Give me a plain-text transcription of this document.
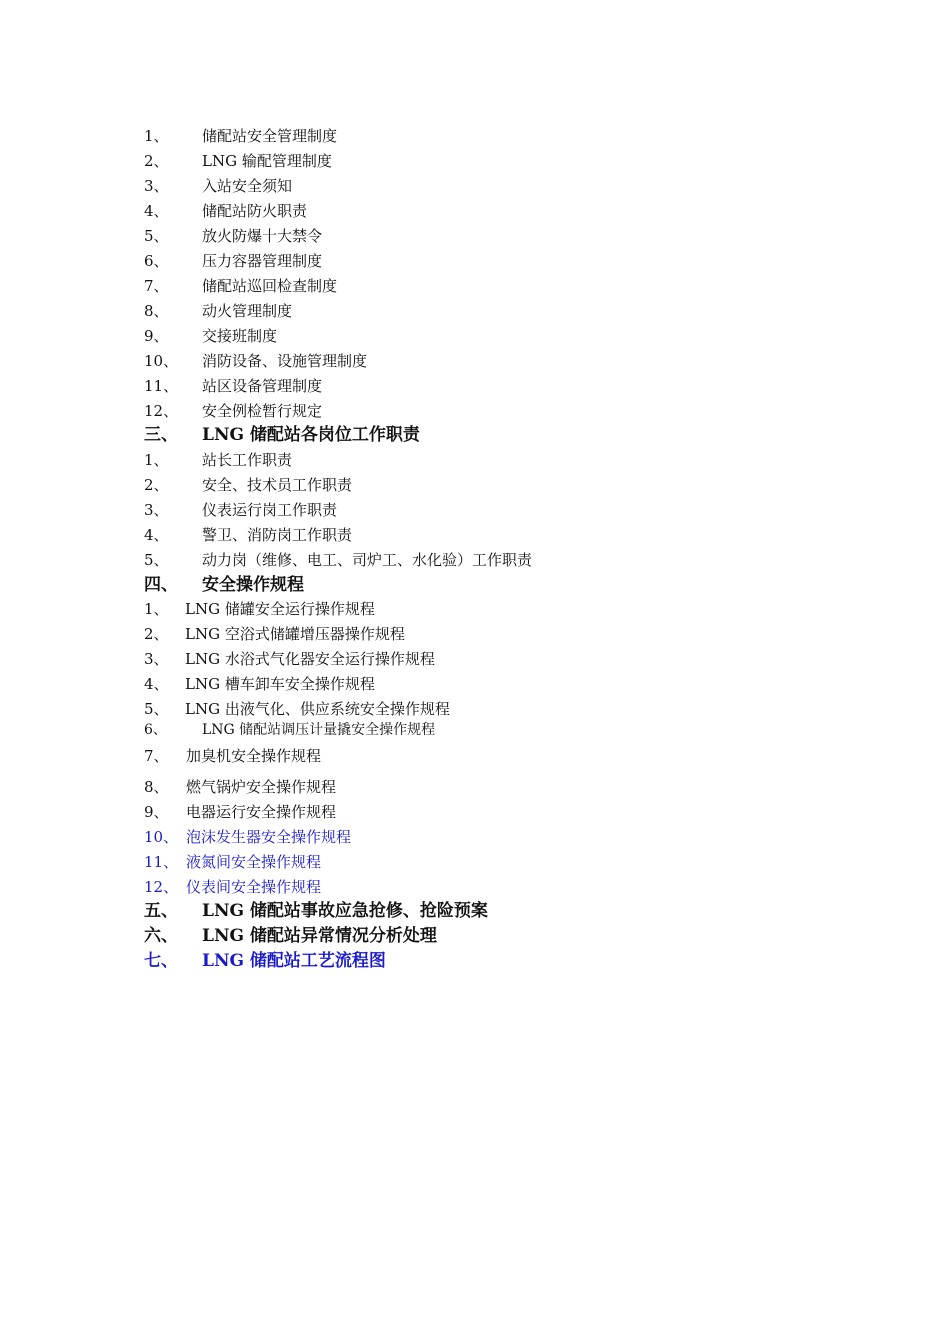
1、 储配站安全管理制度
2、 LNG 输配管理制度
3、 入站安全须知
4、 储配站防火职责
5、 放火防爆十大禁令
6、 压力容器管理制度
7、 储配站巡回检查制度
8、 动火管理制度
9、 交接班制度
10、 消防设备、设施管理制度
11、 站区设备管理制度
12、 安全例检暂行规定
三、 LNG 储配站各岗位工作职责
1、 站长工作职责
2、 安全、技术员工作职责
3、 仪表运行岗工作职责
4、 警卫、消防岗工作职责
5、 动力岗（维修、电工、司炉工、水化验）工作职责
四、 安全操作规程
1、 LNG 储罐安全运行操作规程
2、 LNG 空浴式储罐增压器操作规程
3、 LNG 水浴式气化器安全运行操作规程
4、 LNG 槽车卸车安全操作规程
5、 LNG 出液气化、供应系统安全操作规程
6、	LNG 储配站调压计量撬安全操作规程
7、 加臭机安全操作规程
8、 燃气锅炉安全操作规程
9、 电器运行安全操作规程
10、 泡沫发生器安全操作规程
11、 液氮间安全操作规程
12、 仪表间安全操作规程
五、 LNG 储配站事故应急抢修、抢险预案
六、 LNG 储配站异常情况分析处理
七、 LNG 储配站工艺流程图
